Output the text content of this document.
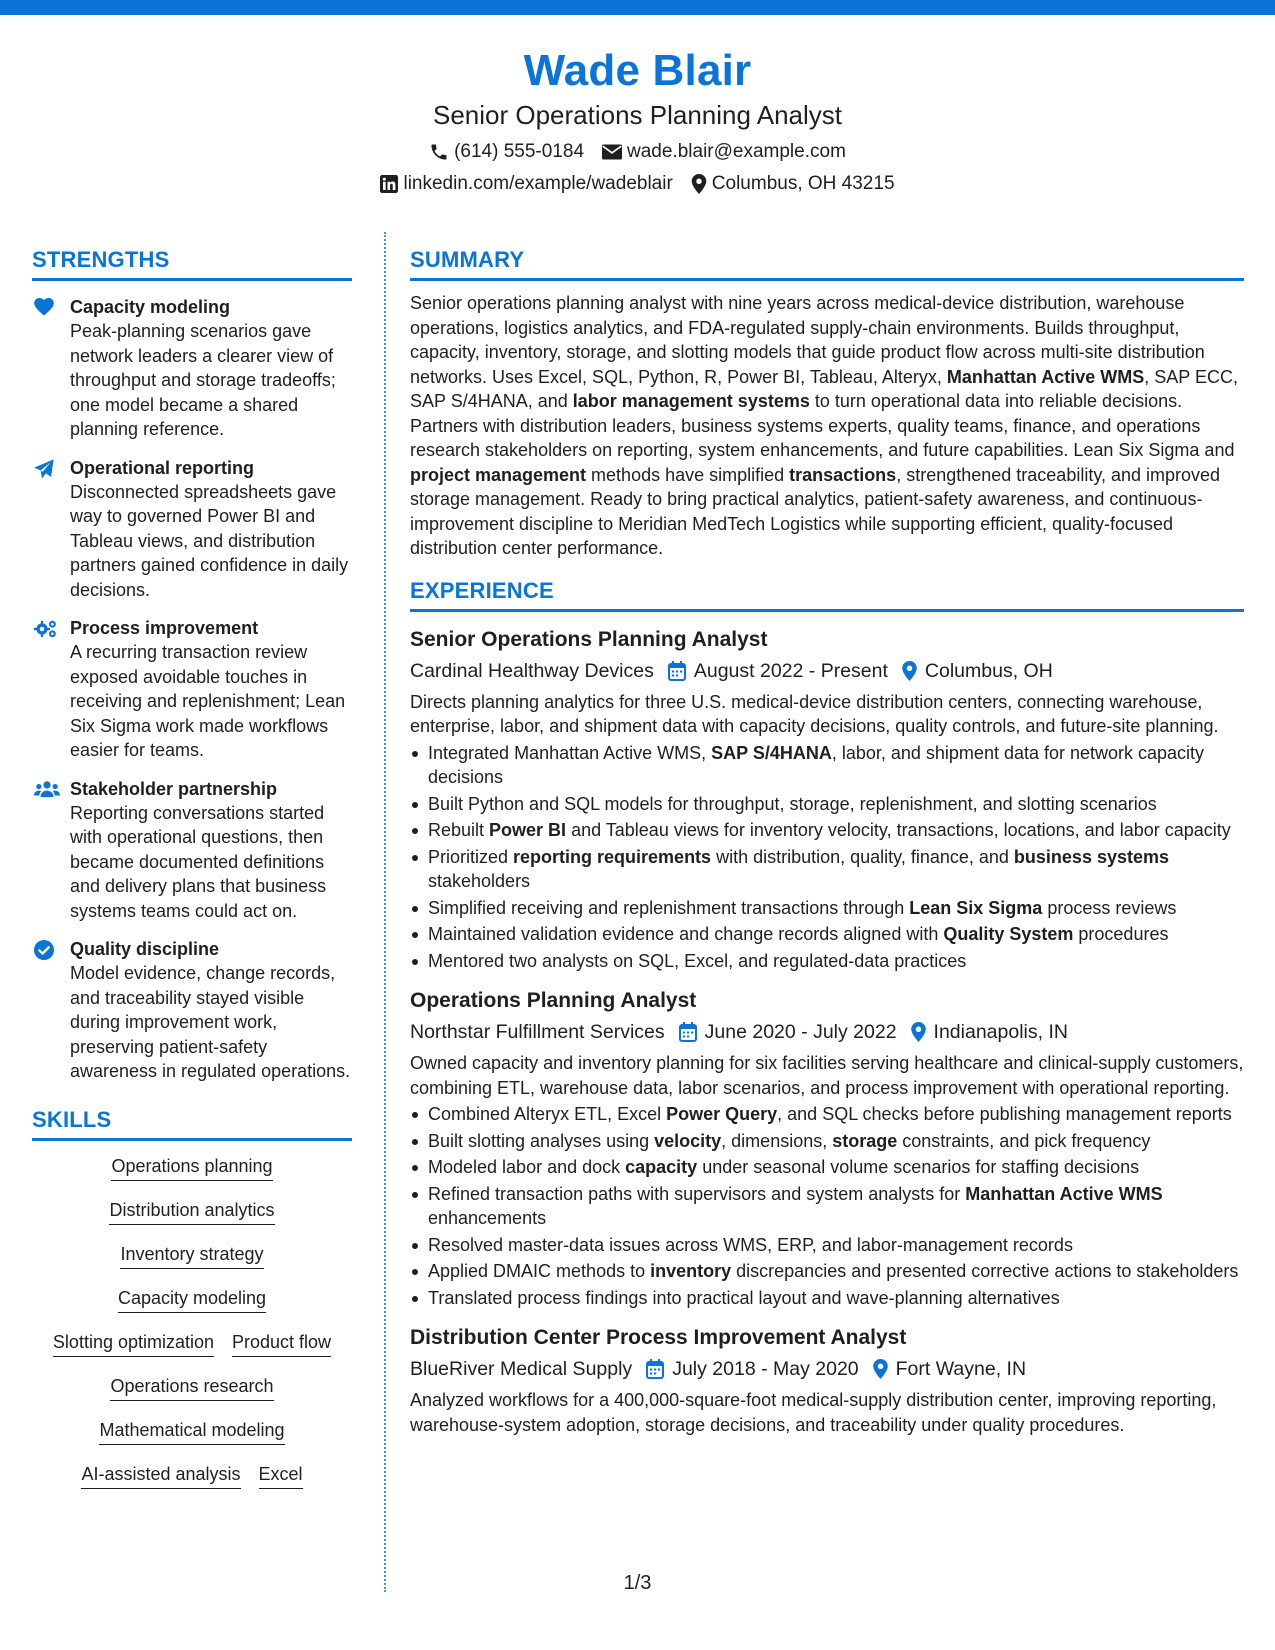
Wade Blair
Senior Operations Planning Analyst
(614) 555-0184 wade.blair@example.com
linkedin.com/example/wadeblair Columbus, OH 43215
STRENGTHS
Capacity modeling
Peak-planning scenarios gave network leaders a clearer view of throughput and storage tradeoffs; one model became a shared planning reference.
Operational reporting
Disconnected spreadsheets gave way to governed Power BI and Tableau views, and distribution partners gained confidence in daily decisions.
Process improvement
A recurring transaction review exposed avoidable touches in receiving and replenishment; Lean Six Sigma work made workflows easier for teams.
Stakeholder partnership
Reporting conversations started with operational questions, then became documented definitions and delivery plans that business systems teams could act on.
Quality discipline
Model evidence, change records, and traceability stayed visible during improvement work, preserving patient-safety awareness in regulated operations.
SKILLS
Operations planning
Distribution analytics
Inventory strategy
Capacity modeling
Slotting optimization Product flow
Operations research
Mathematical modeling
AI-assisted analysis Excel
SUMMARY
Senior operations planning analyst with nine years across medical-device distribution, warehouse operations, logistics analytics, and FDA-regulated supply-chain environments. Builds throughput, capacity, inventory, storage, and slotting models that guide product flow across multi-site distribution networks. Uses Excel, SQL, Python, R, Power BI, Tableau, Alteryx, Manhattan Active WMS, SAP ECC, SAP S/4HANA, and labor management systems to turn operational data into reliable decisions. Partners with distribution leaders, business systems experts, quality teams, finance, and operations research stakeholders on reporting, system enhancements, and future capabilities. Lean Six Sigma and project management methods have simplified transactions, strengthened traceability, and improved storage management. Ready to bring practical analytics, patient-safety awareness, and continuous-improvement discipline to Meridian MedTech Logistics while supporting efficient, quality-focused distribution center performance.
EXPERIENCE
Senior Operations Planning Analyst
Cardinal Healthway Devices August 2022 - Present Columbus, OH
Directs planning analytics for three U.S. medical-device distribution centers, connecting warehouse, enterprise, labor, and shipment data with capacity decisions, quality controls, and future-site planning.
Integrated Manhattan Active WMS, SAP S/4HANA, labor, and shipment data for network capacity decisions
Built Python and SQL models for throughput, storage, replenishment, and slotting scenarios
Rebuilt Power BI and Tableau views for inventory velocity, transactions, locations, and labor capacity
Prioritized reporting requirements with distribution, quality, finance, and business systems stakeholders
Simplified receiving and replenishment transactions through Lean Six Sigma process reviews
Maintained validation evidence and change records aligned with Quality System procedures
Mentored two analysts on SQL, Excel, and regulated-data practices
Operations Planning Analyst
Northstar Fulfillment Services June 2020 - July 2022 Indianapolis, IN
Owned capacity and inventory planning for six facilities serving healthcare and clinical-supply customers, combining ETL, warehouse data, labor scenarios, and process improvement with operational reporting.
Combined Alteryx ETL, Excel Power Query, and SQL checks before publishing management reports
Built slotting analyses using velocity, dimensions, storage constraints, and pick frequency
Modeled labor and dock capacity under seasonal volume scenarios for staffing decisions
Refined transaction paths with supervisors and system analysts for Manhattan Active WMS enhancements
Resolved master-data issues across WMS, ERP, and labor-management records
Applied DMAIC methods to inventory discrepancies and presented corrective actions to stakeholders
Translated process findings into practical layout and wave-planning alternatives
Distribution Center Process Improvement Analyst
BlueRiver Medical Supply July 2018 - May 2020 Fort Wayne, IN
Analyzed workflows for a 400,000-square-foot medical-supply distribution center, improving reporting, warehouse-system adoption, storage decisions, and traceability under quality procedures.
1/3
